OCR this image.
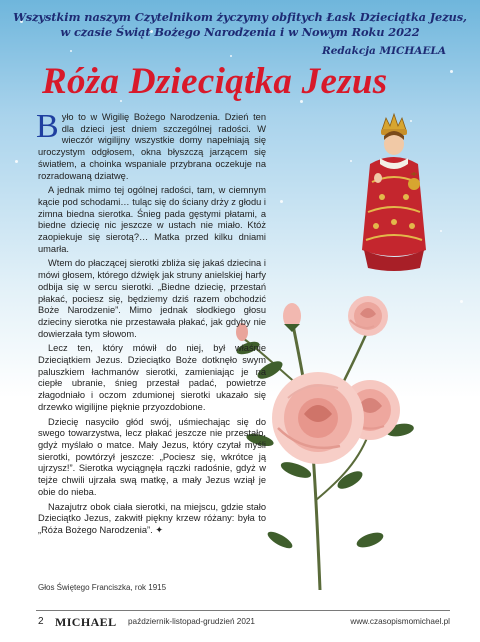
Wszystkim naszym Czytelnikom życzymy obfitych Łask Dzieciątka Jezus,
w czasie Świąt Bożego Narodzenia i w Nowym Roku 2022
Redakcja MICHAELA
Róża Dzieciątka Jezus

Było to w Wigilię Bożego Narodzenia. Dzień ten dla dzieci jest dniem szczególnej radości. W wieczór wigilijny wszystkie domy napełniają się uroczystym odgłosem, okna błyszczą jarzącem się światłem, a choinka wspaniale przybrana oczekuje na rozradowaną dziatwę.

A jednak mimo tej ogólnej radości, tam, w ciemnym kącie pod schodami… tuląc się do ściany drży z głodu i zimna biedna sierotka. Śnieg pada gęstymi płatami, a biedne dziecię nic jeszcze w ustach nie miało. Któż zaopiekuje się sierotą?… Matka przed kilku dniami umarła.

Wtem do płaczącej sierotki zbliża się jakaś dziecina i mówi głosem, którego dźwięk jak struny anielskiej harfy odbija się w sercu sierotki. „Biedne dziecię, przestań płakać, pociesz się, będziemy dziś razem obchodzić Boże Narodzenie”. Mimo jednak słodkiego głosu dzieciny sierotka nie przestawała płakać, jak gdyby nie dowierzała tym słowom.

Lecz ten, który mówił do niej, był właśnie Dzieciątkiem Jezus. Dzieciątko Boże dotknęło swym paluszkiem łachmanów sierotki, zamieniając je na ciepłe ubranie, śnieg przestał padać, powietrze złagodniało i oczom zdumionej sierotki ukazało się drzewko wigilijne pięknie przyozdobione.

Dziecię nasyciło głód swój, uśmiechając się do swego towarzystwa, lecz płakać jeszcze nie przestało, gdyż myślało o matce. Mały Jezus, który czytał myśli sierotki, powtórzył jeszcze: „Pociesz się, wkrótce ją ujrzysz!”. Sierotka wyciągnęła rączki radośnie, gdyż w tejże chwili ujrzała swą matkę, a mały Jezus wziął je obie do nieba.

Nazajutrz obok ciała sierotki, na miejscu, gdzie stało Dzieciątko Jezus, zakwitł piękny krzew różany: była to „Róża Bożego Narodzenia”. ✦

Głos Świętego Franciszka, rok 1915
2 MICHAEL październik-listopad-grudzień 2021	www.czasopismomichael.pl
